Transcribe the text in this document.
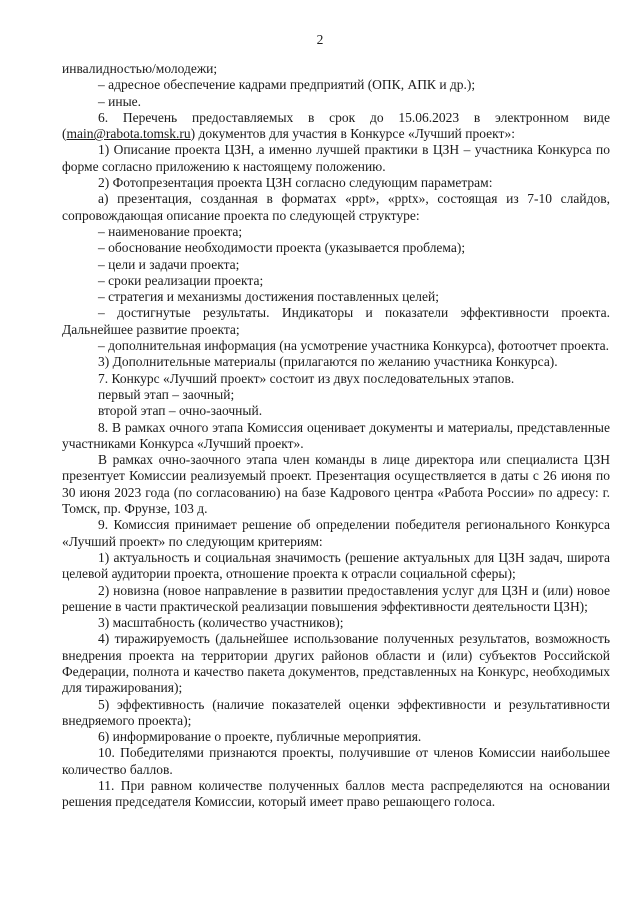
2

инвалидностью/молодежи;

– адресное обеспечение кадрами предприятий (ОПК, АПК и др.);

– иные.

6. Перечень предоставляемых в срок до 15.06.2023 в электронном виде (main@rabota.tomsk.ru) документов для участия в Конкурсе «Лучший проект»:

1) Описание проекта ЦЗН, а именно лучшей практики в ЦЗН – участника Конкурса по форме согласно приложению к настоящему положению.

2) Фотопрезентация проекта ЦЗН согласно следующим параметрам:

а) презентация, созданная в форматах «ppt», «pptx», состоящая из 7-10 слайдов, сопровождающая описание проекта по следующей структуре:

– наименование проекта;

– обоснование необходимости проекта (указывается проблема);

– цели и задачи проекта;

– сроки реализации проекта;

– стратегия и механизмы достижения поставленных целей;

– достигнутые результаты. Индикаторы и показатели эффективности проекта. Дальнейшее развитие проекта;

– дополнительная информация (на усмотрение участника Конкурса), фотоотчет проекта.

3) Дополнительные материалы (прилагаются по желанию участника Конкурса).

7. Конкурс «Лучший проект» состоит из двух последовательных этапов.

первый этап – заочный;

второй этап – очно-заочный.

8. В рамках очного этапа Комиссия оценивает документы и материалы, представленные участниками Конкурса «Лучший проект».

В рамках очно-заочного этапа член команды в лице директора или специалиста ЦЗН презентует Комиссии реализуемый проект. Презентация осуществляется в даты с 26 июня по 30 июня 2023 года (по согласованию) на базе Кадрового центра «Работа России» по адресу: г. Томск, пр. Фрунзе, 103 д.

9. Комиссия принимает решение об определении победителя регионального Конкурса «Лучший проект» по следующим критериям:

1) актуальность и социальная значимость (решение актуальных для ЦЗН задач, широта целевой аудитории проекта, отношение проекта к отрасли социальной сферы);

2) новизна (новое направление в развитии предоставления услуг для ЦЗН и (или) новое решение в части практической реализации повышения эффективности деятельности ЦЗН);

3) масштабность (количество участников);

4) тиражируемость (дальнейшее использование полученных результатов, возможность внедрения проекта на территории других районов области и (или) субъектов Российской Федерации, полнота и качество пакета документов, представленных на Конкурс, необходимых для тиражирования);

5) эффективность (наличие показателей оценки эффективности и результативности внедряемого проекта);

6) информирование о проекте, публичные мероприятия.

10. Победителями признаются проекты, получившие от членов Комиссии наибольшее количество баллов.

11. При равном количестве полученных баллов места распределяются на основании решения председателя Комиссии, который имеет право решающего голоса.
